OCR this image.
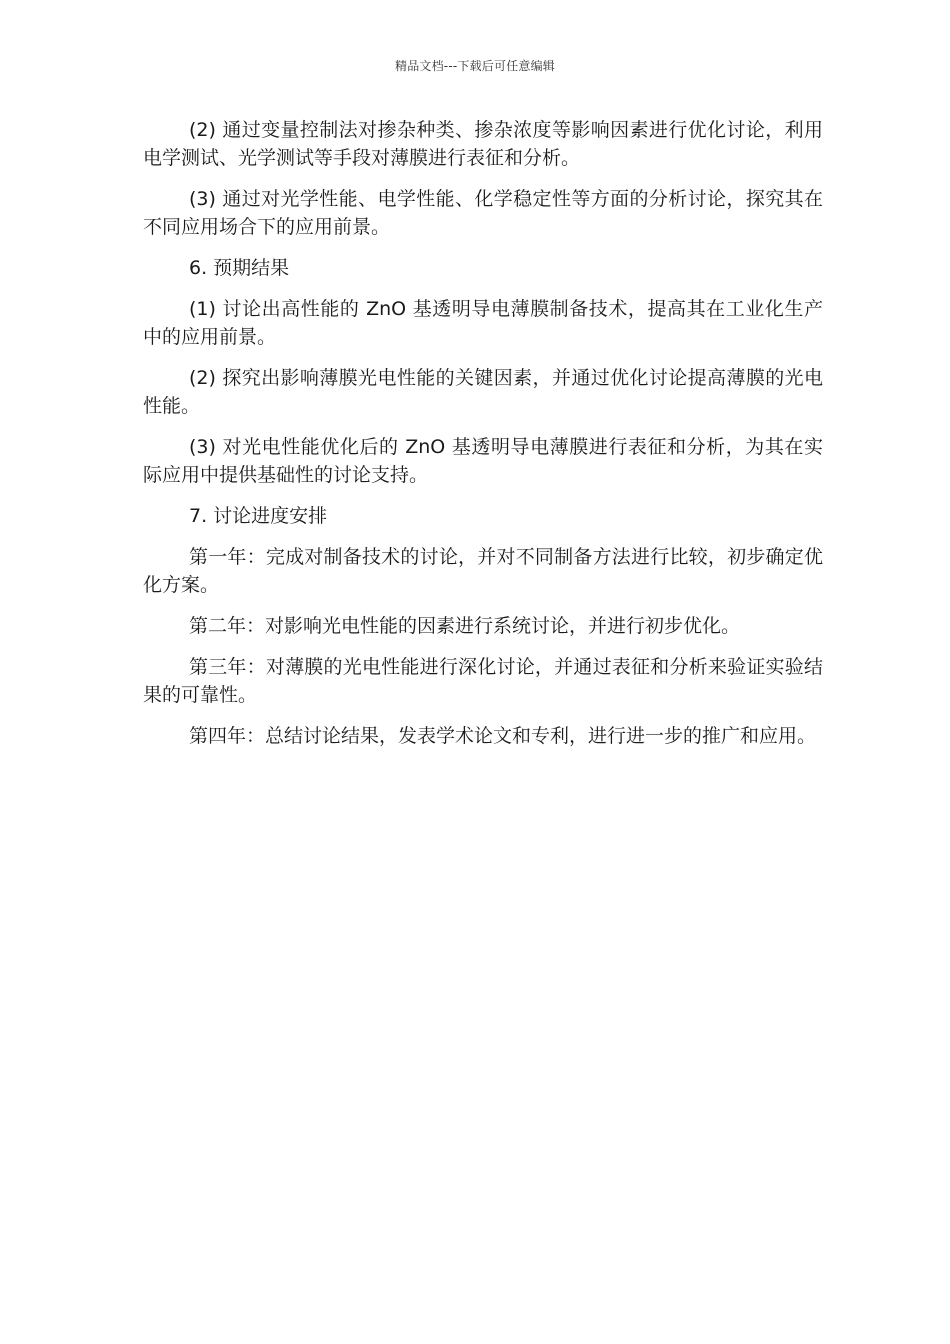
精品文档---下载后可任意编辑

(2) 通过变量控制法对掺杂种类、掺杂浓度等影响因素进行优化讨论，利用电学测试、光学测试等手段对薄膜进行表征和分析。

(3) 通过对光学性能、电学性能、化学稳定性等方面的分析讨论，探究其在不同应用场合下的应用前景。

6. 预期结果

(1) 讨论出高性能的 ZnO 基透明导电薄膜制备技术，提高其在工业化生产中的应用前景。

(2) 探究出影响薄膜光电性能的关键因素，并通过优化讨论提高薄膜的光电性能。

(3) 对光电性能优化后的 ZnO 基透明导电薄膜进行表征和分析，为其在实际应用中提供基础性的讨论支持。

7. 讨论进度安排

第一年：完成对制备技术的讨论，并对不同制备方法进行比较，初步确定优化方案。

第二年：对影响光电性能的因素进行系统讨论，并进行初步优化。

第三年：对薄膜的光电性能进行深化讨论，并通过表征和分析来验证实验结果的可靠性。

第四年：总结讨论结果，发表学术论文和专利，进行进一步的推广和应用。
